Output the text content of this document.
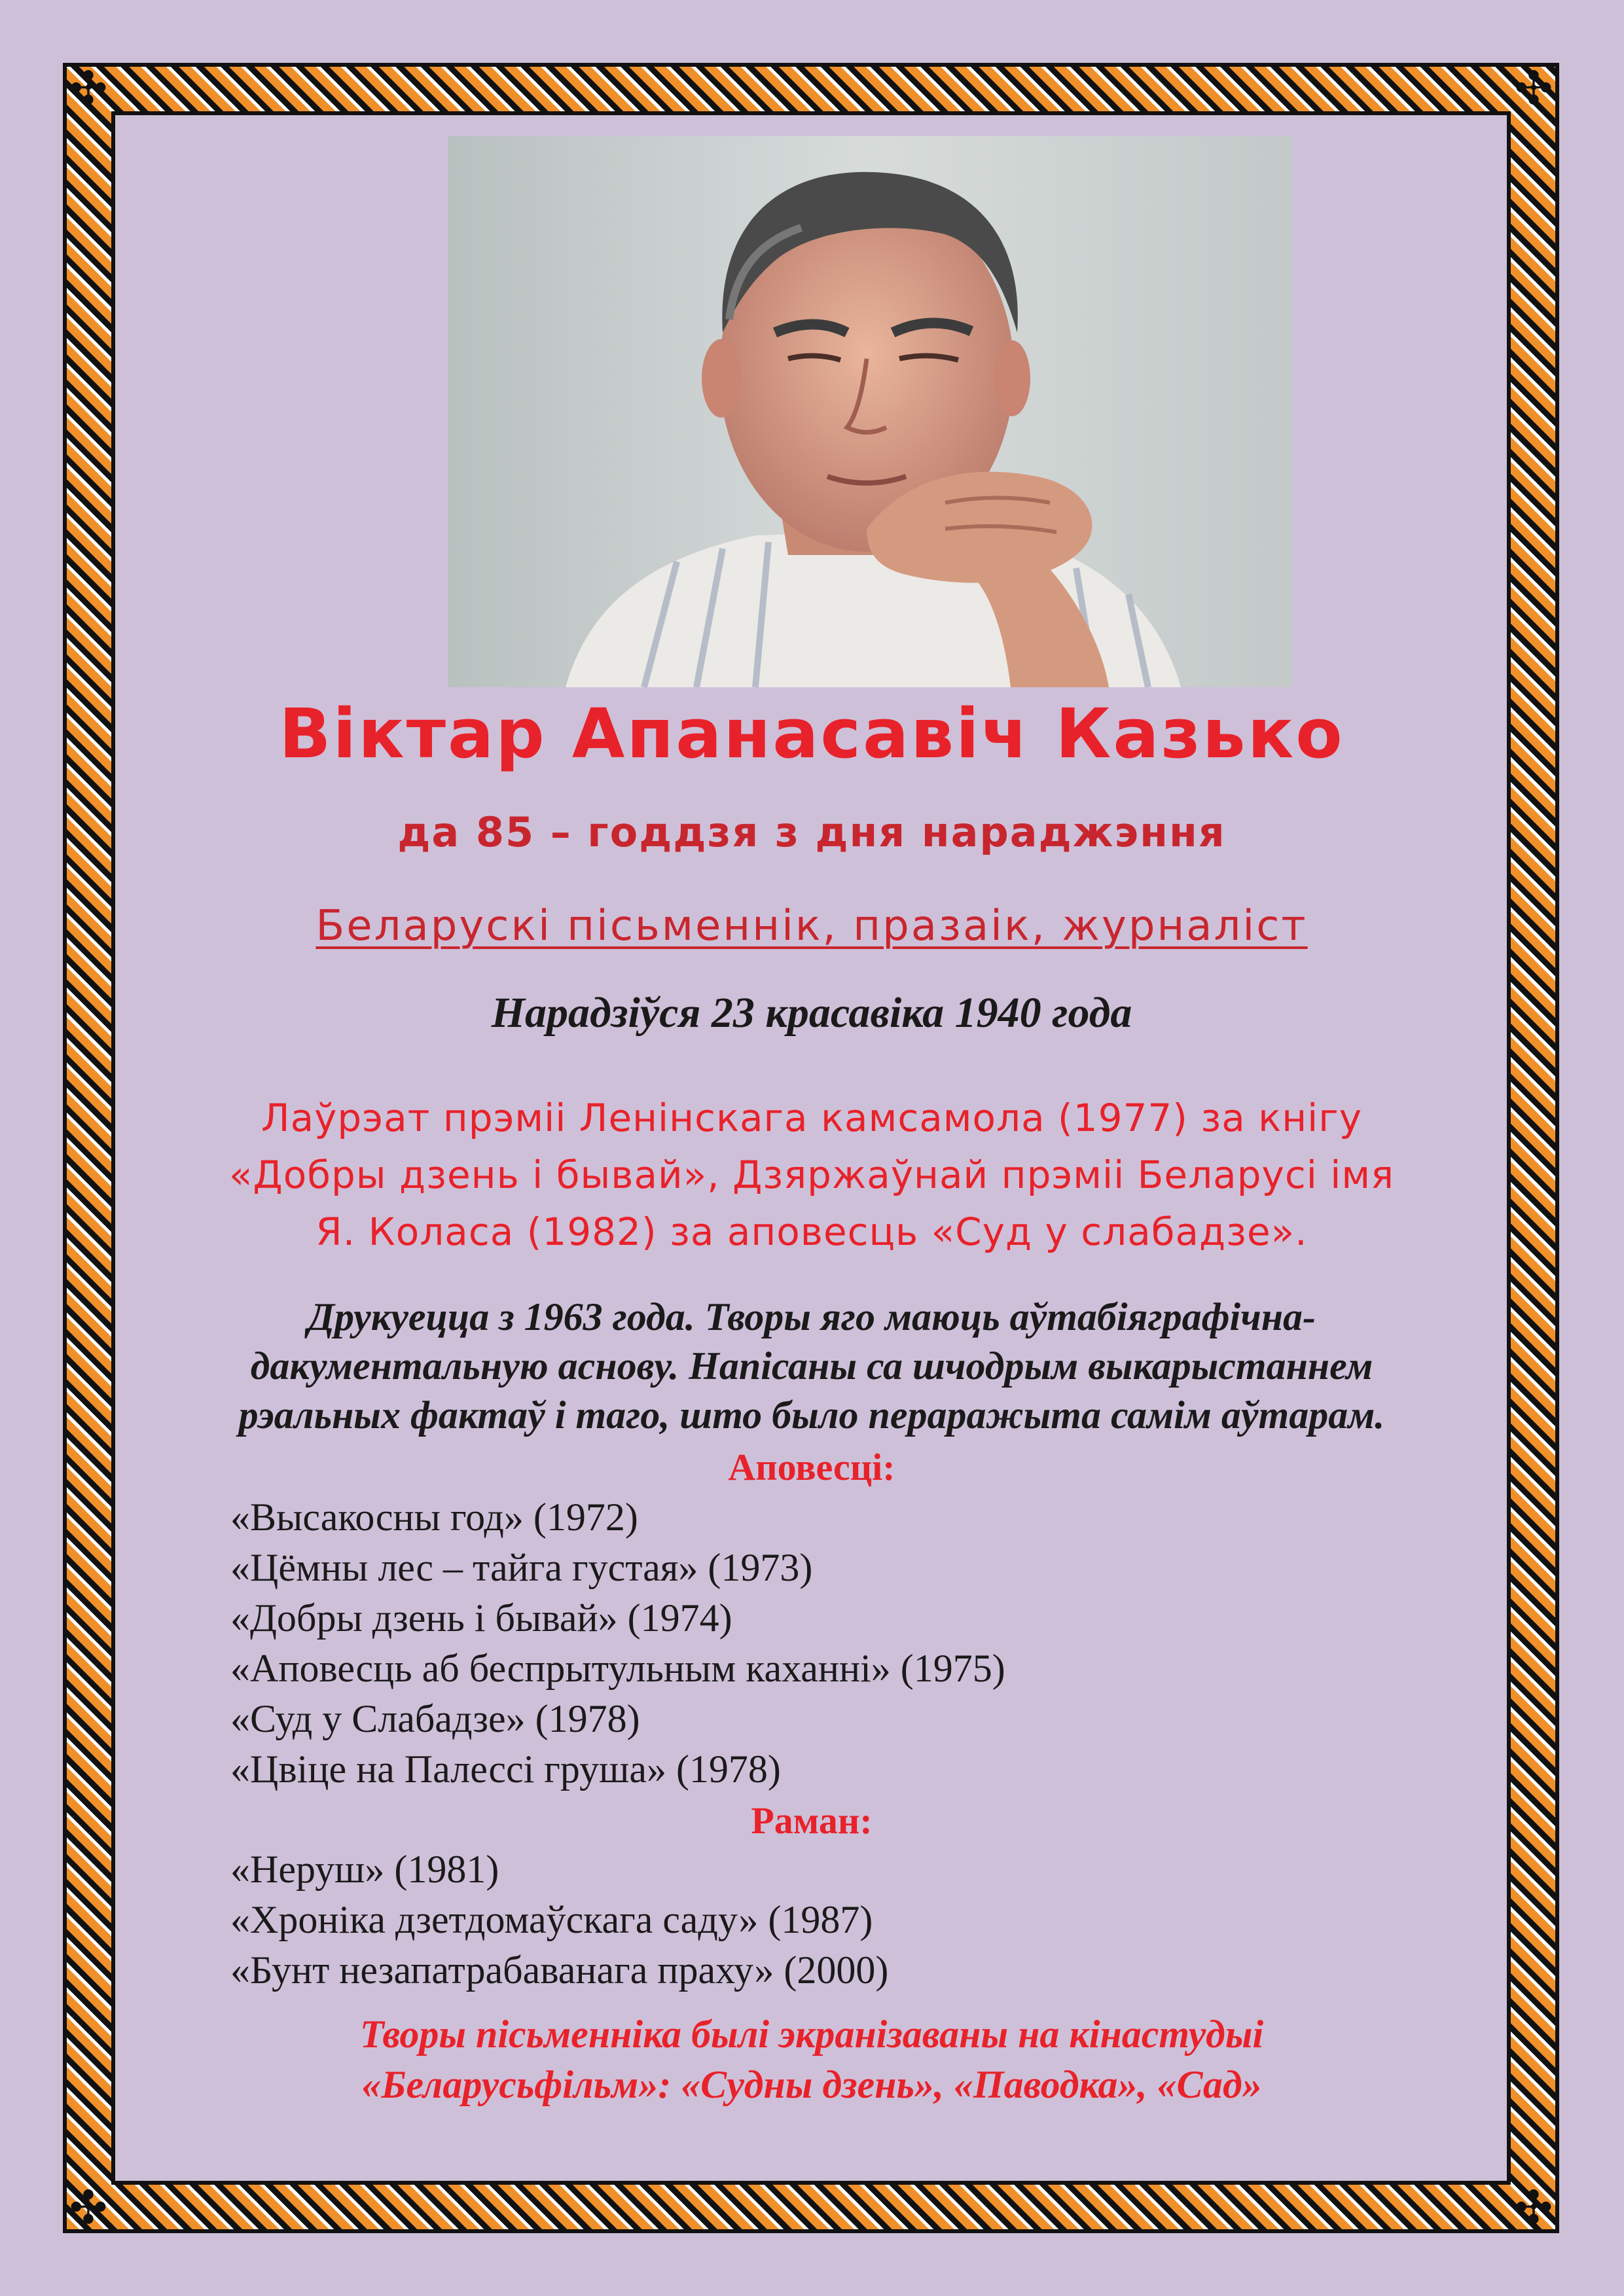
✣	✣
✣	✣
Віктар Апанасавіч Казько
да 85 – годдзя з дня нараджэння
Беларускі пісьменнік, празаік, журналіст
Нарадзіўся 23 красавіка 1940 года
Лаўрэат прэміі Ленінскага камсамола (1977) за кнігу
«Добры дзень і бывай», Дзяржаўнай прэміі Беларусі імя
Я. Коласа (1982) за аповесць «Суд у слабадзе».
Друкуецца з 1963 года. Творы яго маюць аўтабіяграфічна-
дакументальную аснову. Напісаны са шчодрым выкарыстаннем
рэальных фактаў і таго, што было пераражыта самім аўтарам.
Аповесці:
«Высакосны год» (1972)
«Цёмны лес – тайга густая» (1973)
«Добры дзень і бывай» (1974)
«Аповесць аб беспрытульным каханні» (1975)
«Суд у Слабадзе» (1978)
«Цвіце на Палессі груша» (1978)
Раман:
«Неруш» (1981)
«Хроніка дзетдомаўскага саду» (1987)
«Бунт незапатрабаванага праху» (2000)
Творы пісьменніка былі экранізаваны на кінастудыі
«Беларусьфільм»: «Судны дзень», «Паводка», «Сад»
